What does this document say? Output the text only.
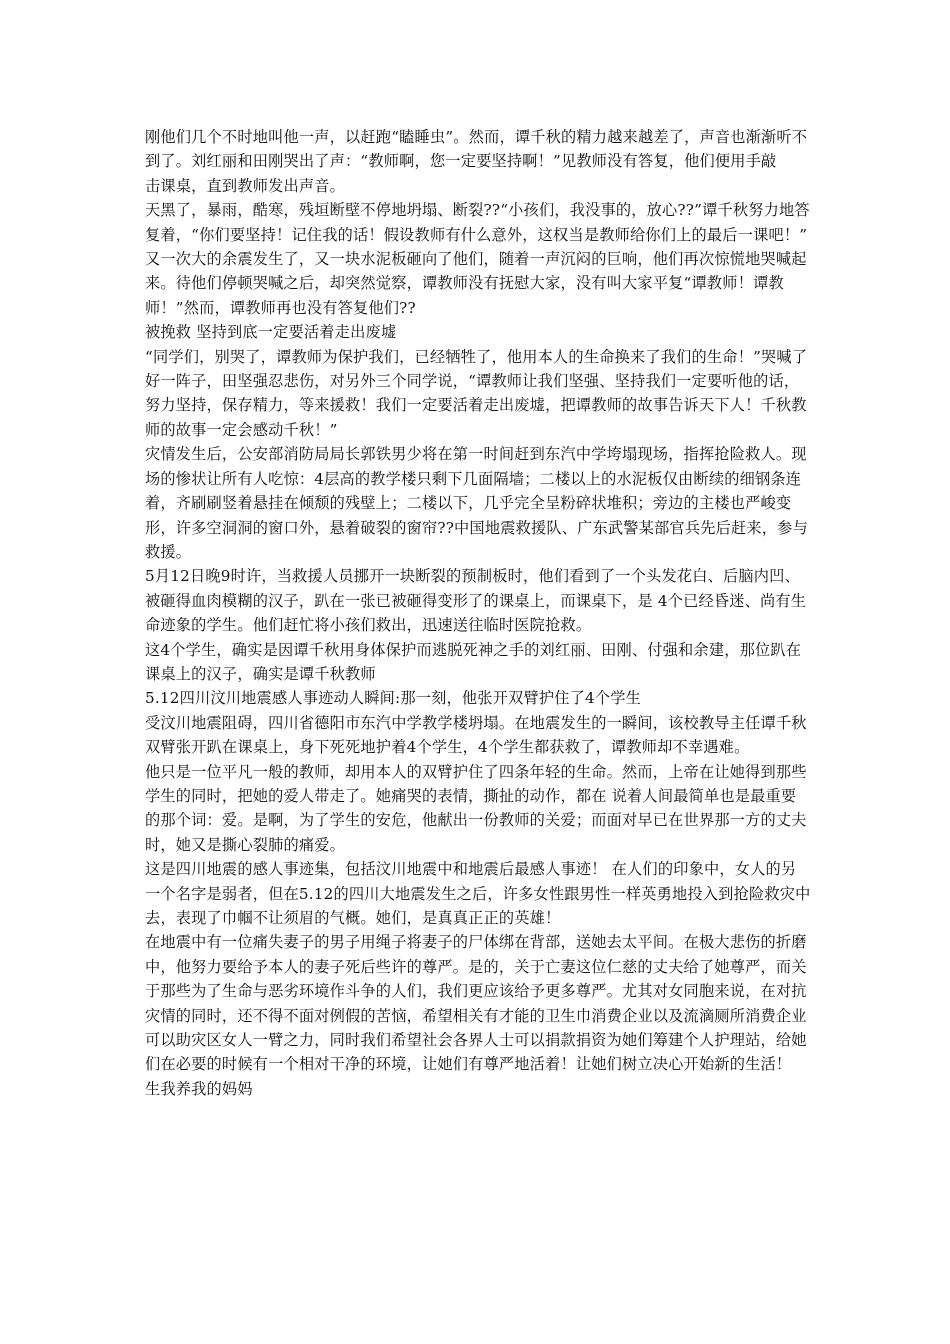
刚他们几个不时地叫他一声，以赶跑“瞌睡虫”。然而，谭千秋的精力越来越差了，声音也渐渐听不到了。刘红丽和田刚哭出了声：“教师啊，您一定要坚持啊！”见教师没有答复，他们便用手敲

击课桌，直到教师发出声音。

天黑了，暴雨，酷寒，残垣断壁不停地坍塌、断裂??“小孩们，我没事的，放心??”谭千秋努力地答复着，“你们要坚持！记住我的话！假设教师有什么意外，这权当是教师给你们上的最后一课吧！”

又一次大的余震发生了，又一块水泥板砸向了他们，随着一声沉闷的巨响，他们再次惊慌地哭喊起来。待他们停顿哭喊之后，却突然觉察，谭教师没有抚慰大家，没有叫大家平复“谭教师！谭教师！”然而，谭教师再也没有答复他们??

被挽救 坚持到底一定要活着走出废墟

“同学们，别哭了，谭教师为保护我们，已经牺牲了，他用本人的生命换来了我们的生命！”哭喊了好一阵子，田坚强忍悲伤，对另外三个同学说，“谭教师让我们坚强、坚持我们一定要听他的话，努力坚持，保存精力，等来援救！我们一定要活着走出废墟，把谭教师的故事告诉天下人！千秋教师的故事一定会感动千秋！”

灾情发生后，公安部消防局局长郭铁男少将在第一时间赶到东汽中学垮塌现场，指挥抢险救人。现场的惨状让所有人吃惊：4层高的教学楼只剩下几面隔墙；二楼以上的水泥板仅由断续的细钢条连着，齐刷刷竖着悬挂在倾颓的残壁上；二楼以下，几乎完全呈粉碎状堆积；旁边的主楼也严峻变形，许多空洞洞的窗口外，悬着破裂的窗帘??中国地震救援队、广东武警某部官兵先后赶来，参与救援。

5月12日晚9时许，当救援人员挪开一块断裂的预制板时，他们看到了一个头发花白、后脑内凹、被砸得血肉模糊的汉子，趴在一张已被砸得变形了的课桌上，而课桌下，是 4个已经昏迷、尚有生命迹象的学生。他们赶忙将小孩们救出，迅速送往临时医院抢救。

这4个学生，确实是因谭千秋用身体保护而逃脱死神之手的刘红丽、田刚、付强和余建，那位趴在课桌上的汉子，确实是谭千秋教师

5.12四川汶川地震感人事迹动人瞬间:那一刻，他张开双臂护住了4个学生

受汶川地震阻碍，四川省德阳市东汽中学教学楼坍塌。在地震发生的一瞬间，该校教导主任谭千秋双臂张开趴在课桌上，身下死死地护着4个学生，4个学生都获救了，谭教师却不幸遇难。

他只是一位平凡一般的教师，却用本人的双臂护住了四条年轻的生命。然而，上帝在让她得到那些学生的同时，把她的爱人带走了。她痛哭的表情，撕扯的动作，都在 说着人间最简单也是最重要的那个词：爱。是啊，为了学生的安危，他献出一份教师的关爱；而面对早已在世界那一方的丈夫时，她又是撕心裂肺的痛爱。

这是四川地震的感人事迹集，包括汶川地震中和地震后最感人事迹！ 在人们的印象中，女人的另一个名字是弱者，但在5.12的四川大地震发生之后，许多女性跟男性一样英勇地投入到抢险救灾中去，表现了巾帼不让须眉的气概。她们，是真真正正的英雄！

在地震中有一位痛失妻子的男子用绳子将妻子的尸体绑在背部，送她去太平间。在极大悲伤的折磨中，他努力要给予本人的妻子死后些许的尊严。是的，关于亡妻这位仁慈的丈夫给了她尊严，而关于那些为了生命与恶劣环境作斗争的人们，我们更应该给予更多尊严。尤其对女同胞来说，在对抗灾情的同时，还不得不面对例假的苦恼，希望相关有才能的卫生巾消费企业以及流滴厕所消费企业可以助灾区女人一臂之力，同时我们希望社会各界人士可以捐款捐资为她们筹建个人护理站，给她们在必要的时候有一个相对干净的环境，让她们有尊严地活着！让她们树立决心开始新的生活！

生我养我的妈妈
